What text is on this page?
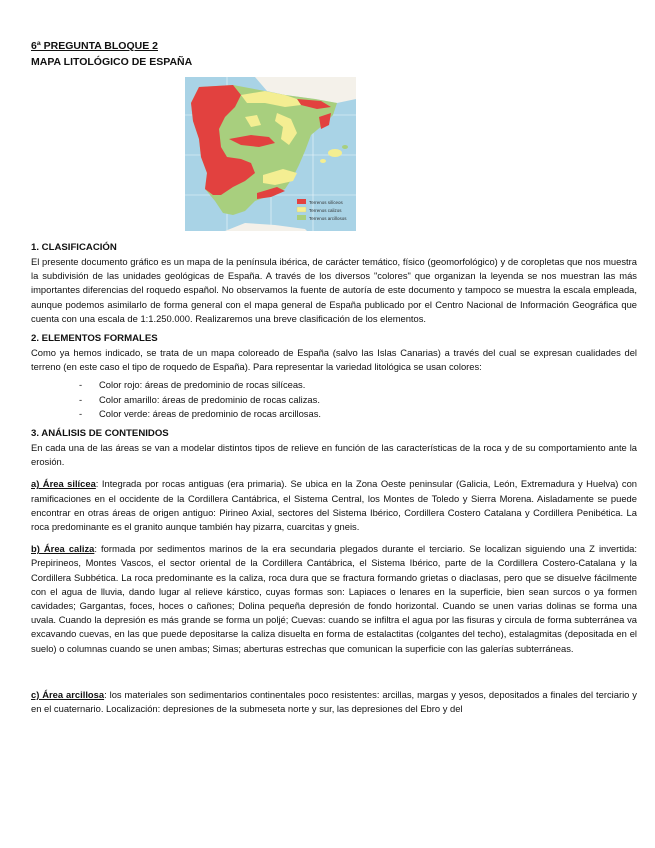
6ª PREGUNTA BLOQUE 2
MAPA LITOLÓGICO DE ESPAÑA
Terrenos silíceos
Terrenos calizos
Terrenos arcillosos

1. CLASIFICACIÓN

El presente documento gráfico es un mapa de la península ibérica, de carácter temático, físico (geomorfológico) y de coropletas que nos muestra la subdivisión de las unidades geológicas de España. A través de los diversos "colores" que organizan la leyenda se nos muestran las más importantes diferencias del roquedo español. No observamos la fuente de autoría de este documento y tampoco se muestra la escala empleada, aunque podemos asimilarlo de forma general con el mapa general de España publicado por el Centro Nacional de Información Geográfica que cuenta con una escala de 1:1.250.000. Realizaremos una breve clasificación de los elementos.

2. ELEMENTOS FORMALES

Como ya hemos indicado, se trata de un mapa coloreado de España (salvo las Islas Canarias) a través del cual se expresan cualidades del terreno (en este caso el tipo de roquedo de España). Para representar la variedad litológica se usan colores:

- Color rojo: áreas de predominio de rocas silíceas.
- Color amarillo: áreas de predominio de rocas calizas.
- Color verde: áreas de predominio de rocas arcillosas.

3. ANÁLISIS DE CONTENIDOS

En cada una de las áreas se van a modelar distintos tipos de relieve en función de las características de la roca y de su comportamiento ante la erosión.

a) Área silícea: Integrada por rocas antiguas (era primaria). Se ubica en la Zona Oeste peninsular (Galicia, León, Extremadura y Huelva) con ramificaciones en el occidente de la Cordillera Cantábrica, el Sistema Central, los Montes de Toledo y Sierra Morena. Aisladamente se puede encontrar en otras áreas de origen antiguo: Pirineo Axial, sectores del Sistema Ibérico, Cordillera Costero Catalana y Cordillera Penibética. La roca predominante es el granito aunque también hay pizarra, cuarcitas y gneis.

b) Área caliza: formada por sedimentos marinos de la era secundaria plegados durante el terciario. Se localizan siguiendo una Z invertida: Prepirineos, Montes Vascos, el sector oriental de la Cordillera Cantábrica, el Sistema Ibérico, parte de la Cordillera Costero-Catalana y la Cordillera Subbética. La roca predominante es la caliza, roca dura que se fractura formando grietas o diaclasas, pero que se disuelve fácilmente con el agua de lluvia, dando lugar al relieve kárstico, cuyas formas son: Lapiaces o lenares en la superficie, bien sean surcos o ya formen cavidades; Gargantas, foces, hoces o cañones; Dolina pequeña depresión de fondo horizontal. Cuando se unen varias dolinas se forma una uvala. Cuando la depresión es más grande se forma un poljé; Cuevas: cuando se infiltra el agua por las fisuras y circula de forma subterránea va excavando cuevas, en las que puede depositarse la caliza disuelta en forma de estalactitas (colgantes del techo), estalagmitas (depositada en el suelo) o columnas cuando se unen ambas; Simas; aberturas estrechas que comunican la superficie con las galerías subterráneas.

c) Área arcillosa: los materiales son sedimentarios continentales poco resistentes: arcillas, margas y yesos, depositados a finales del terciario y en el cuaternario. Localización: depresiones de la submeseta norte y sur, las depresiones del Ebro y del
